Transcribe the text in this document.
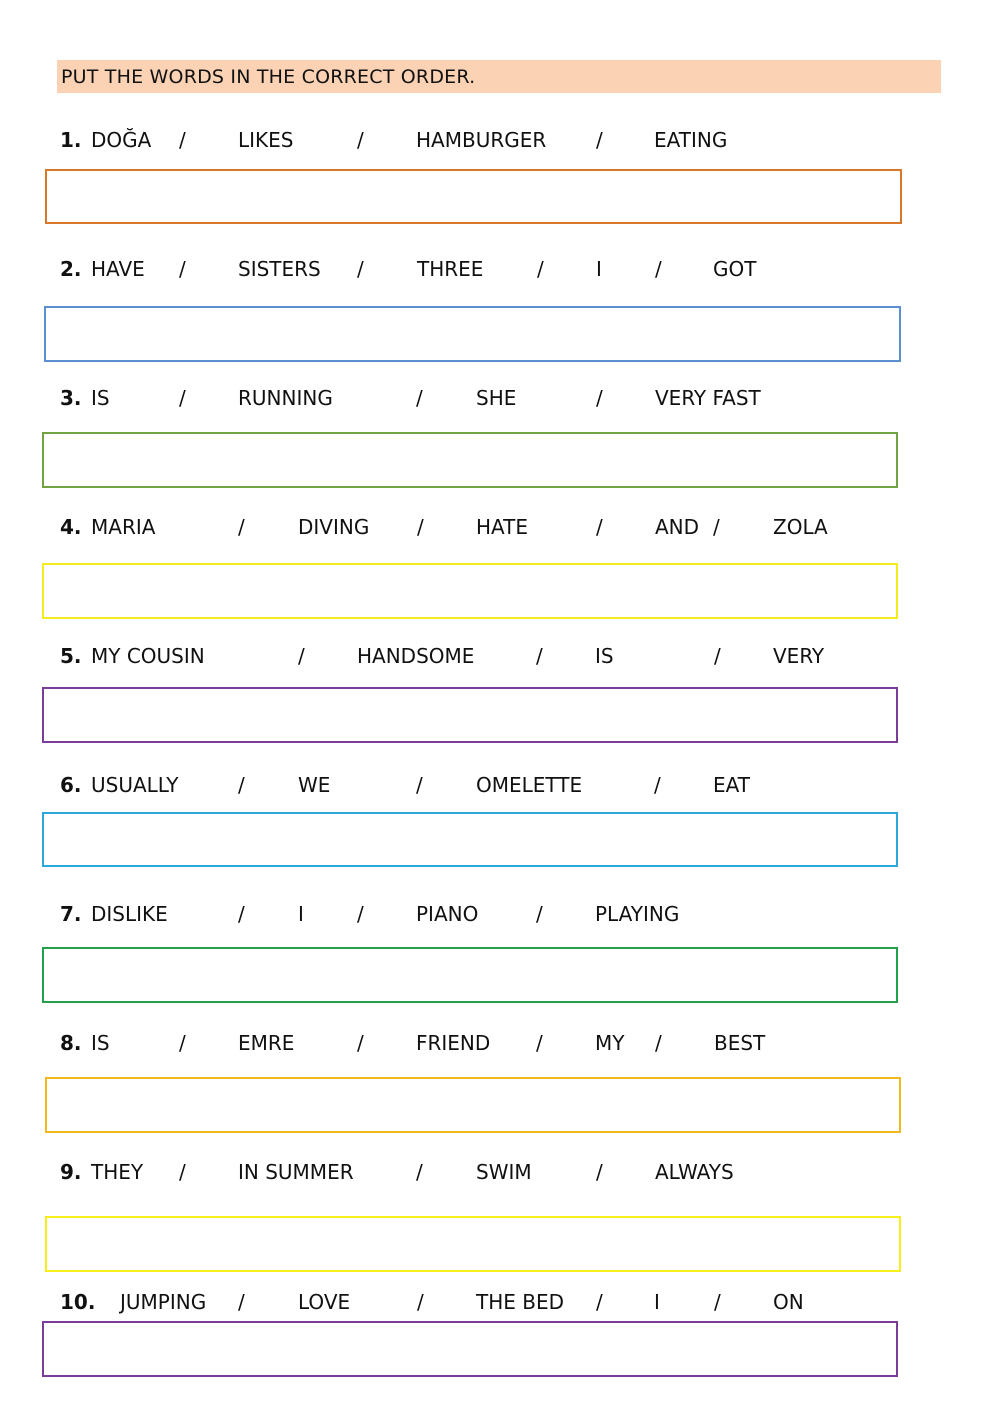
PUT THE WORDS IN THE CORRECT ORDER.
1. DOĞA /	LIKES	/	HAMBURGER /	EATING
2. HAVE /	SISTERS /	THREE	/	I	/	GOT
3. IS	/	RUNNING	/	SHE	/	VERY FAST
4. MARIA	/	DIVING /	HATE	/	AND /	ZOLA
5. MY COUSIN	/	HANDSOME	/	IS	/	VERY
6. USUALLY	/	WE	/	OMELETTE	/	EAT
7. DISLIKE	/	I	/	PIANO	/	PLAYING
8. IS	/	EMRE	/	FRIEND /	MY /	BEST
9. THEY /	IN SUMMER	/	SWIM	/	ALWAYS
10. JUMPING /	LOVE	/	THE BED /	I	/	ON
